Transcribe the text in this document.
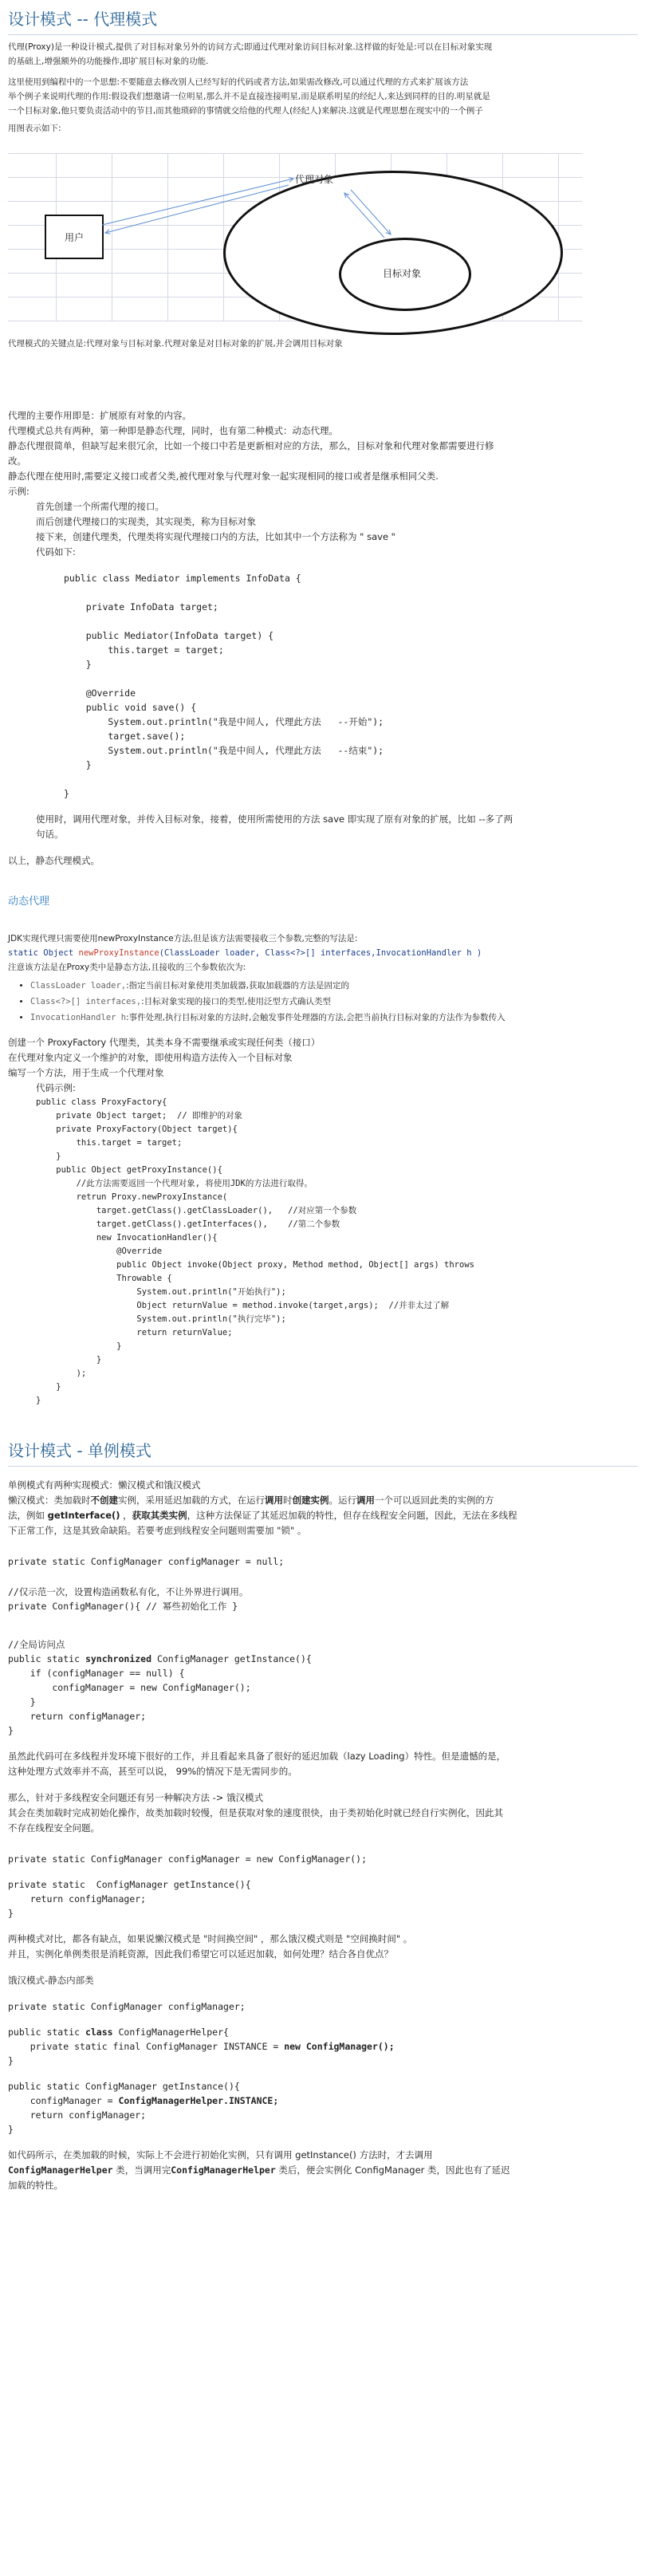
设计模式 -- 代理模式

代理(Proxy)是一种设计模式,提供了对目标对象另外的访问方式;即通过代理对象访问目标对象.这样做的好处是:可以在目标对象实现

的基础上,增强额外的功能操作,即扩展目标对象的功能.

这里使用到编程中的一个思想:不要随意去修改别人已经写好的代码或者方法,如果需改修改,可以通过代理的方式来扩展该方法

举个例子来说明代理的作用:假设我们想邀请一位明星,那么并不是直接连接明星,而是联系明星的经纪人,来达到同样的目的.明星就是

一个目标对象,他只要负责活动中的节目,而其他琐碎的事情就交给他的代理人(经纪人)来解决.这就是代理思想在现实中的一个例子

用图表示如下:

用户
代理对象
目标对象

代理模式的关键点是:代理对象与目标对象.代理对象是对目标对象的扩展,并会调用目标对象

代理的主要作用即是：扩展原有对象的内容。

代理模式总共有两种，第一种即是静态代理，同时，也有第二种模式：动态代理。

静态代理很简单，但缺写起来很冗余，比如一个接口中若是更新相对应的方法，那么，目标对象和代理对象都需要进行修

改。

静态代理在使用时,需要定义接口或者父类,被代理对象与代理对象一起实现相同的接口或者是继承相同父类.

示例:

首先创建一个所需代理的接口。

而后创建代理接口的实现类，其实现类，称为目标对象

接下来，创建代理类，代理类将实现代理接口内的方法，比如其中一个方法称为 " save "

代码如下:

public class Mediator implements InfoData {

private InfoData target;

public Mediator(InfoData target) {
this.target = target;
}

@Override
public void save() {
System.out.println("我是中间人, 代理此方法   --开始");
target.save();
System.out.println("我是中间人, 代理此方法   --结束");
}

}

使用时，调用代理对象，并传入目标对象，接着，使用所需使用的方法 save 即实现了原有对象的扩展，比如 --多了两

句话。

以上，静态代理模式。

动态代理

JDK实现代理只需要使用newProxyInstance方法,但是该方法需要接收三个参数,完整的写法是:

static Object newProxyInstance(ClassLoader loader, Class<?>[] interfaces,InvocationHandler h )

注意该方法是在Proxy类中是静态方法,且接收的三个参数依次为:

• ClassLoader loader,:指定当前目标对象使用类加载器,获取加载器的方法是固定的
• Class<?>[] interfaces,:目标对象实现的接口的类型,使用泛型方式确认类型
• InvocationHandler h:事件处理,执行目标对象的方法时,会触发事件处理器的方法,会把当前执行目标对象的方法作为参数传入

创建一个 ProxyFactory 代理类，其类本身不需要继承或实现任何类（接口）

在代理对象内定义一个维护的对象，即使用构造方法传入一个目标对象

编写一个方法，用于生成一个代理对象

代码示例:

public class ProxyFactory{
private Object target;  // 即维护的对象
private ProxyFactory(Object target){
this.target = target;
}
public Object getProxyInstance(){
//此方法需要返回一个代理对象, 将使用JDK的方法进行取得。
retrun Proxy.newProxyInstance(
target.getClass().getClassLoader(),   //对应第一个参数
target.getClass().getInterfaces(),    //第二个参数
new InvocationHandler(){
@Override
public Object invoke(Object proxy, Method method, Object[] args) throws
Throwable {
System.out.println("开始执行");
Object returnValue = method.invoke(target,args);  //并非太过了解
System.out.println("执行完毕");
return returnValue;
}
}
);
}
}
设计模式 - 单例模式

单例模式有两种实现模式：懒汉模式和饿汉模式

懒汉模式：类加载时不创建实例，采用延迟加载的方式，在运行调用时创建实例。运行调用一个可以返回此类的实例的方

法，例如 getInterface() ，获取其类实例，这种方法保证了其延迟加载的特性，但存在线程安全问题，因此，无法在多线程

下正常工作，这是其致命缺陷。若要考虑到线程安全问题则需要加 "锁" 。

private static ConfigManager configManager = null;
//仅示范一次，设置构造函数私有化，不让外界进行调用。
private ConfigManager(){ // 幂些初始化工作 }
//全局访问点
public static synchronized ConfigManager getInstance(){
if (configManager == null) {
configManager = new ConfigManager();
}
return configManager;
}

虽然此代码可在多线程并发环境下很好的工作，并且看起来具备了很好的延迟加载（lazy Loading）特性。但是遗憾的是，

这种处理方式效率并不高，甚至可以说， 99%的情况下是无需同步的。

那么，针对于多线程安全问题还有另一种解决方法 -> 饿汉模式

其会在类加载时完成初始化操作，故类加载时较慢，但是获取对象的速度很快，由于类初始化时就已经自行实例化，因此其

不存在线程安全问题。

private static ConfigManager configManager = new ConfigManager();
private static  ConfigManager getInstance(){
return configManager;
}

两种模式对比，都各有缺点，如果说懒汉模式是 "时间换空间" ，那么饿汉模式则是 "空间换时间" 。

并且，实例化单例类很是消耗资源，因此我们希望它可以延迟加载，如何处理？结合各自优点？

饿汉模式-静态内部类

private static ConfigManager configManager;
public static class ConfigManagerHelper{
private static final ConfigManager INSTANCE = new ConfigManager();
}
public static ConfigManager getInstance(){
configManager = ConfigManagerHelper.INSTANCE;
return configManager;
}

如代码所示，在类加载的时候，实际上不会进行初始化实例，只有调用 getInstance() 方法时，才去调用

ConfigManagerHelper 类，当调用完ConfigManagerHelper 类后，便会实例化 ConfigManager 类，因此也有了延迟

加载的特性。
